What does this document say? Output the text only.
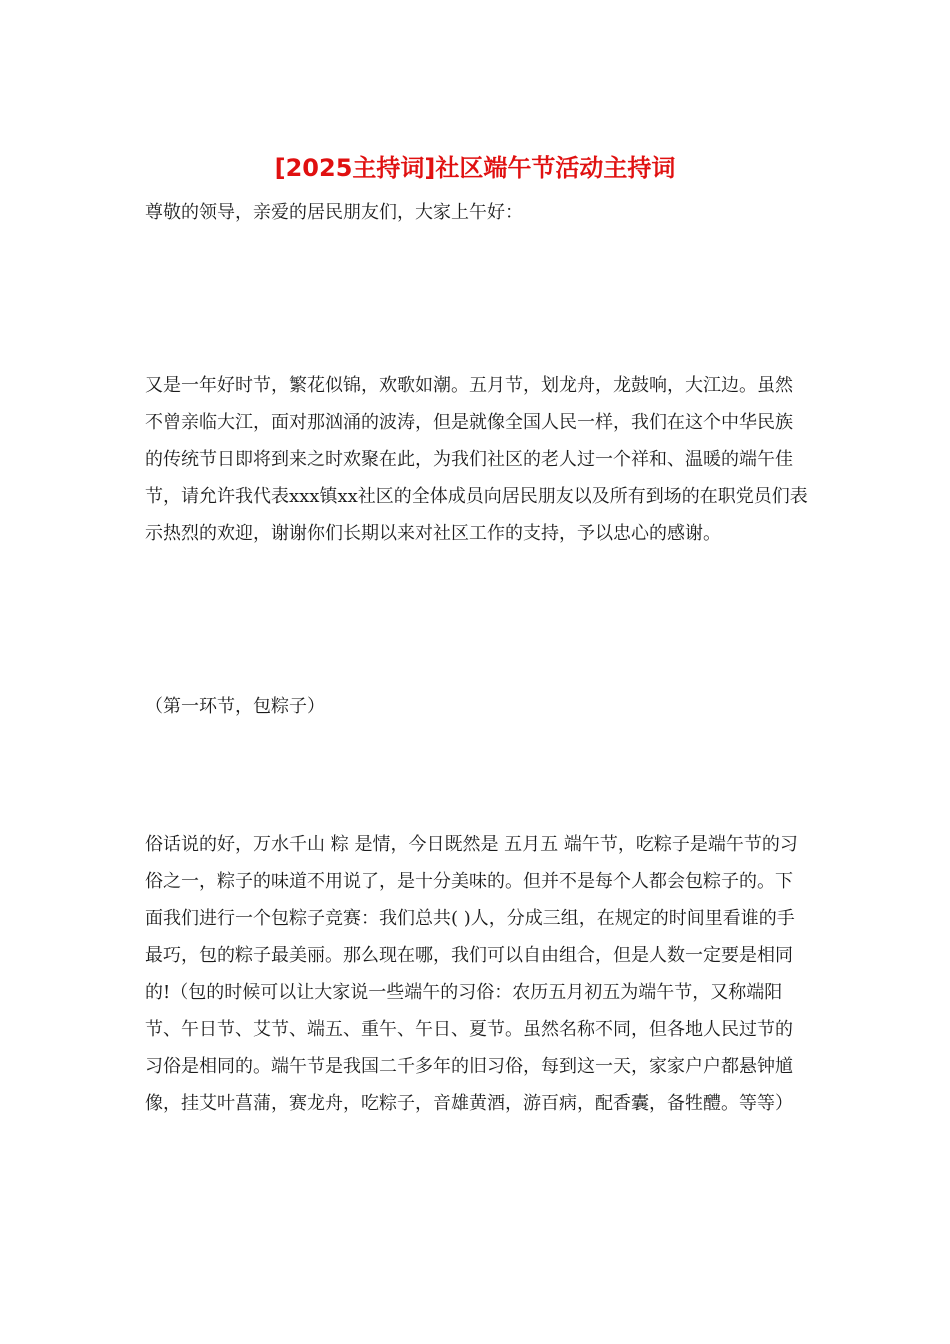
[2025主持词]社区端午节活动主持词

尊敬的领导，亲爱的居民朋友们，大家上午好：

又是一年好时节，繁花似锦，欢歌如潮。五月节，划龙舟，龙鼓响，大江边。虽然不曾亲临大江，面对那汹涌的波涛，但是就像全国人民一样，我们在这个中华民族的传统节日即将到来之时欢聚在此，为我们社区的老人过一个祥和、温暖的端午佳节，请允许我代表xxx镇xx社区的全体成员向居民朋友以及所有到场的在职党员们表示热烈的欢迎，谢谢你们长期以来对社区工作的支持，予以忠心的感谢。

（第一环节，包粽子）

俗话说的好，万水千山 粽 是情，今日既然是 五月五 端午节，吃粽子是端午节的习俗之一，粽子的味道不用说了，是十分美味的。但并不是每个人都会包粽子的。下面我们进行一个包粽子竞赛：我们总共( )人，分成三组，在规定的时间里看谁的手最巧，包的粽子最美丽。那么现在哪，我们可以自由组合，但是人数一定要是相同的!（包的时候可以让大家说一些端午的习俗：农历五月初五为端午节，又称端阳节、午日节、艾节、端五、重午、午日、夏节。虽然名称不同，但各地人民过节的习俗是相同的。端午节是我国二千多年的旧习俗，每到这一天，家家户户都悬钟馗像，挂艾叶菖蒲，赛龙舟，吃粽子，音雄黄酒，游百病，配香囊，备牲醴。等等）
